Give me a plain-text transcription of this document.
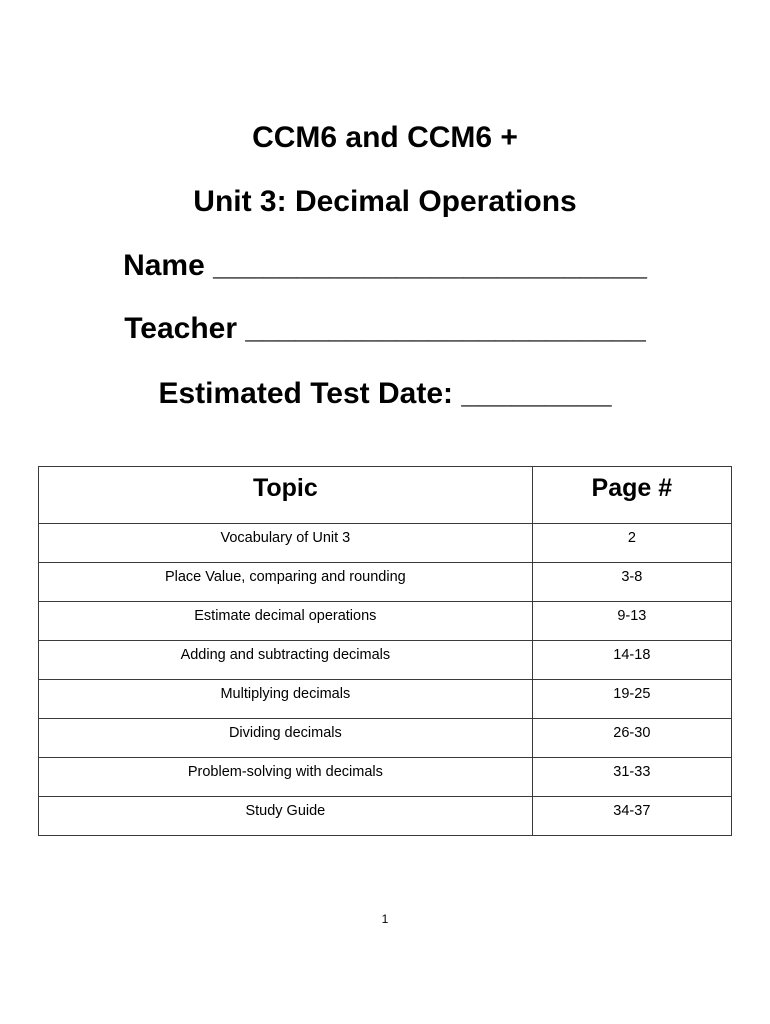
CCM6 and CCM6 +
Unit 3: Decimal Operations
Name __________________________
Teacher ________________________
Estimated Test Date: _________
Topic	Page #
Vocabulary of Unit 3	2
Place Value, comparing and rounding	3-8
Estimate decimal operations	9-13
Adding and subtracting decimals	14-18
Multiplying decimals	19-25
Dividing decimals	26-30
Problem-solving with decimals	31-33
Study Guide	34-37
1
